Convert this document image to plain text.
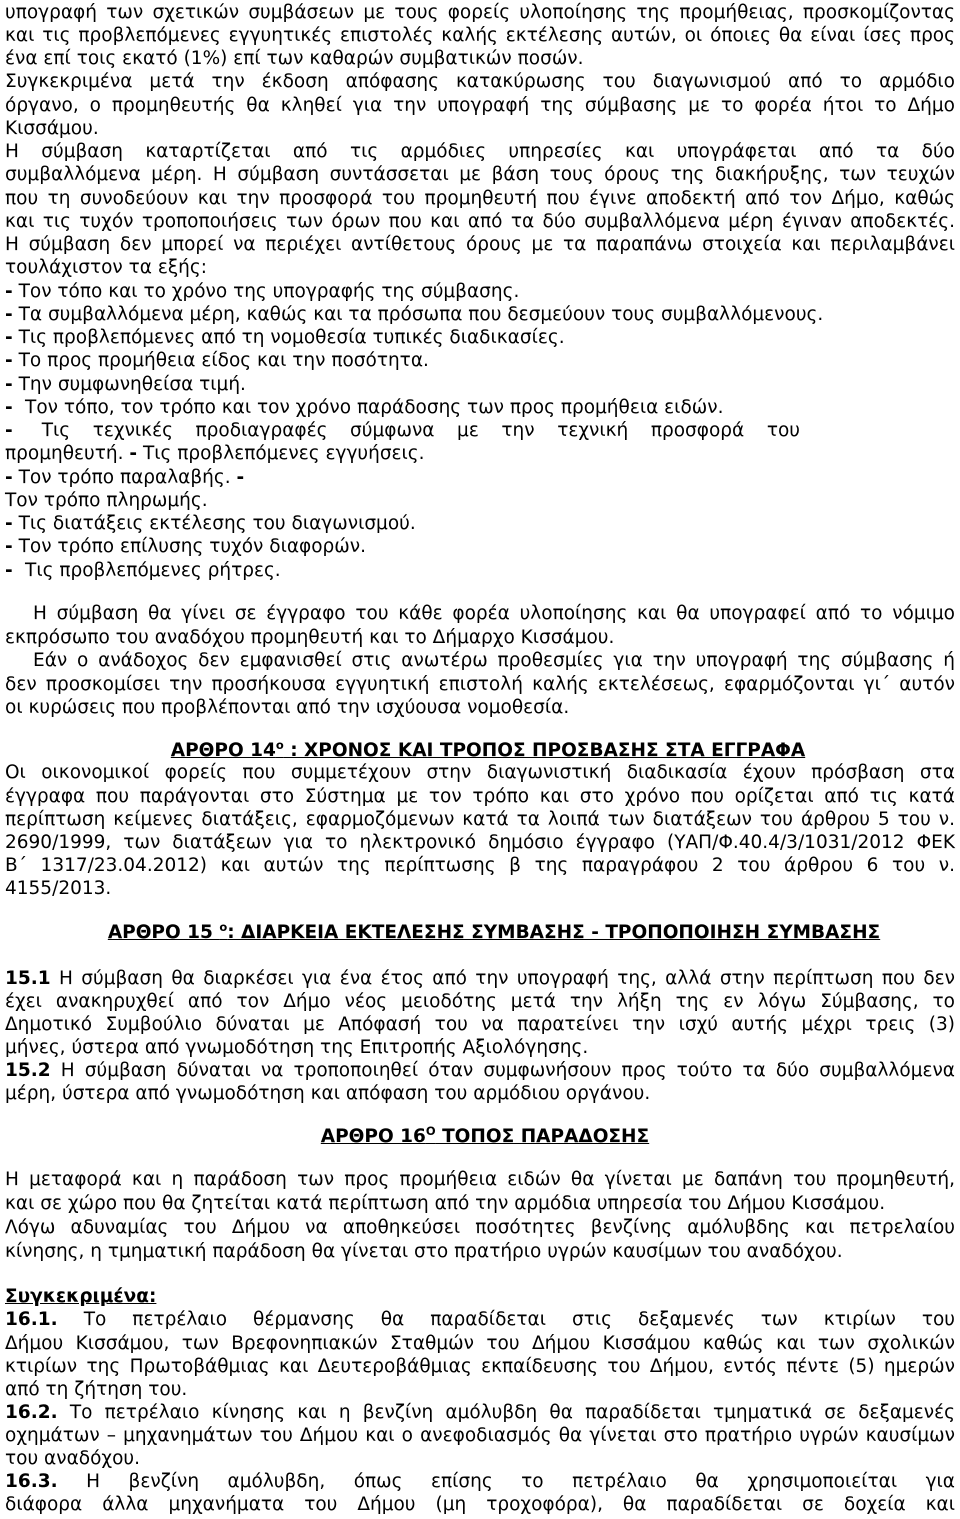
υπογραφή των σχετικών συμβάσεων με τους φορείς υλοποίησης της προμήθειας, προσκομίζοντας
και τις προβλεπόμενες εγγυητικές επιστολές καλής εκτέλεσης αυτών, οι όποιες θα είναι ίσες προς
ένα επί τοις εκατό (1%) επί των καθαρών συμβατικών ποσών.
Συγκεκριμένα μετά την έκδοση απόφασης κατακύρωσης του διαγωνισμού από το αρμόδιο
όργανο, ο προμηθευτής θα κληθεί για την υπογραφή της σύμβασης με το φορέα ήτοι το Δήμο
Κισσάμου.
Η σύμβαση καταρτίζεται από τις αρμόδιες υπηρεσίες και υπογράφεται από τα δύο
συμβαλλόμενα μέρη. Η σύμβαση συντάσσεται με βάση τους όρους της διακήρυξης, των τευχών
που τη συνοδεύουν και την προσφορά του προμηθευτή που έγινε αποδεκτή από τον Δήμο, καθώς
και τις τυχόν τροποποιήσεις των όρων που και από τα δύο συμβαλλόμενα μέρη έγιναν αποδεκτές.
Η σύμβαση δεν μπορεί να περιέχει αντίθετους όρους με τα παραπάνω στοιχεία και περιλαμβάνει
τουλάχιστον τα εξής:
- Τον τόπο και το χρόνο της υπογραφής της σύμβασης.
- Τα συμβαλλόμενα μέρη, καθώς και τα πρόσωπα που δεσμεύουν τους συμβαλλόμενους.
- Τις προβλεπόμενες από τη νομοθεσία τυπικές διαδικασίες.
- Το προς προμήθεια είδος και την ποσότητα.
- Την συμφωνηθείσα τιμή.
- Τον τόπο, τον τρόπο και τον χρόνο παράδοσης των προς προμήθεια ειδών.
- Τις τεχνικές προδιαγραφές σύμφωνα με την τεχνική προσφορά του
προμηθευτή. - Τις προβλεπόμενες εγγυήσεις.
- Τον τρόπο παραλαβής. -
Τον τρόπο πληρωμής.
- Τις διατάξεις εκτέλεσης του διαγωνισμού.
- Τον τρόπο επίλυσης τυχόν διαφορών.
- Τις προβλεπόμενες ρήτρες.
Η σύμβαση θα γίνει σε έγγραφο του κάθε φορέα υλοποίησης και θα υπογραφεί από το νόμιμο
εκπρόσωπο του αναδόχου προμηθευτή και το Δήμαρχο Κισσάμου.
Εάν ο ανάδοχος δεν εμφανισθεί στις ανωτέρω προθεσμίες για την υπογραφή της σύμβασης ή
δεν προσκομίσει την προσήκουσα εγγυητική επιστολή καλής εκτελέσεως, εφαρμόζονται γι΄ αυτόν
οι κυρώσεις που προβλέπονται από την ισχύουσα νομοθεσία.
ΑΡΘΡΟ $14^o$ : ΧΡΟΝΟΣ ΚΑΙ ΤΡΟΠΟΣ ΠΡΟΣΒΑΣΗΣ ΣΤΑ ΕΓΓΡΑΦΑ
Οι οικονομικοί φορείς που συμμετέχουν στην διαγωνιστική διαδικασία έχουν πρόσβαση στα
έγγραφα που παράγονται στο Σύστημα με τον τρόπο και στο χρόνο που ορίζεται από τις κατά
περίπτωση κείμενες διατάξεις, εφαρμοζόμενων κατά τα λοιπά των διατάξεων του άρθρου 5 του ν.
2690/1999, των διατάξεων για το ηλεκτρονικό δημόσιο έγγραφο (ΥΑΠ/Φ.40.4/3/1031/2012 ΦΕΚ
Β΄ 1317/23.04.2012) και αυτών της περίπτωσης β της παραγράφου 2 του άρθρου 6 του ν.
4155/2013.
ΑΡΘΡΟ 15 $^o$: ΔΙΑΡΚΕΙΑ ΕΚΤΕΛΕΣΗΣ ΣΥΜΒΑΣΗΣ - ΤΡΟΠΟΠΟΙΗΣΗ ΣΥΜΒΑΣΗΣ
15.1 Η σύμβαση θα διαρκέσει για ένα έτος από την υπογραφή της, αλλά στην περίπτωση που δεν
έχει ανακηρυχθεί από τον Δήμο νέος μειοδότης μετά την λήξη της εν λόγω Σύμβασης, το
Δημοτικό Συμβούλιο δύναται με Απόφασή του να παρατείνει την ισχύ αυτής μέχρι τρεις (3)
μήνες, ύστερα από γνωμοδότηση της Επιτροπής Αξιολόγησης.
15.2 Η σύμβαση δύναται να τροποποιηθεί όταν συμφωνήσουν προς τούτο τα δύο συμβαλλόμενα
μέρη, ύστερα από γνωμοδότηση και απόφαση του αρμόδιου οργάνου.
ΑΡΘΡΟ $16^O$ ΤΟΠΟΣ ΠΑΡΑΔΟΣΗΣ
Η μεταφορά και η παράδοση των προς προμήθεια ειδών θα γίνεται με δαπάνη του προμηθευτή,
και σε χώρο που θα ζητείται κατά περίπτωση από την αρμόδια υπηρεσία του Δήμου Κισσάμου.
Λόγω αδυναμίας του Δήμου να αποθηκεύσει ποσότητες βενζίνης αμόλυβδης και πετρελαίου
κίνησης, η τμηματική παράδοση θα γίνεται στο πρατήριο υγρών καυσίμων του αναδόχου.
Συγκεκριμένα:
16.1. Το πετρέλαιο θέρμανσης θα παραδίδεται στις δεξαμενές των κτιρίων του
Δήμου Κισσάμου, των Βρεφονηπιακών Σταθμών του Δήμου Κισσάμου καθώς και των σχολικών
κτιρίων της Πρωτοβάθμιας και Δευτεροβάθμιας εκπαίδευσης του Δήμου, εντός πέντε (5) ημερών
από τη ζήτηση του.
16.2. Το πετρέλαιο κίνησης και η βενζίνη αμόλυβδη θα παραδίδεται τμηματικά σε δεξαμενές
οχημάτων – μηχανημάτων του Δήμου και ο ανεφοδιασμός θα γίνεται στο πρατήριο υγρών καυσίμων
του αναδόχου.
16.3. Η βενζίνη αμόλυβδη, όπως επίσης το πετρέλαιο θα χρησιμοποιείται για
διάφορα άλλα μηχανήματα του Δήμου (μη τροχοφόρα), θα παραδίδεται σε δοχεία και
